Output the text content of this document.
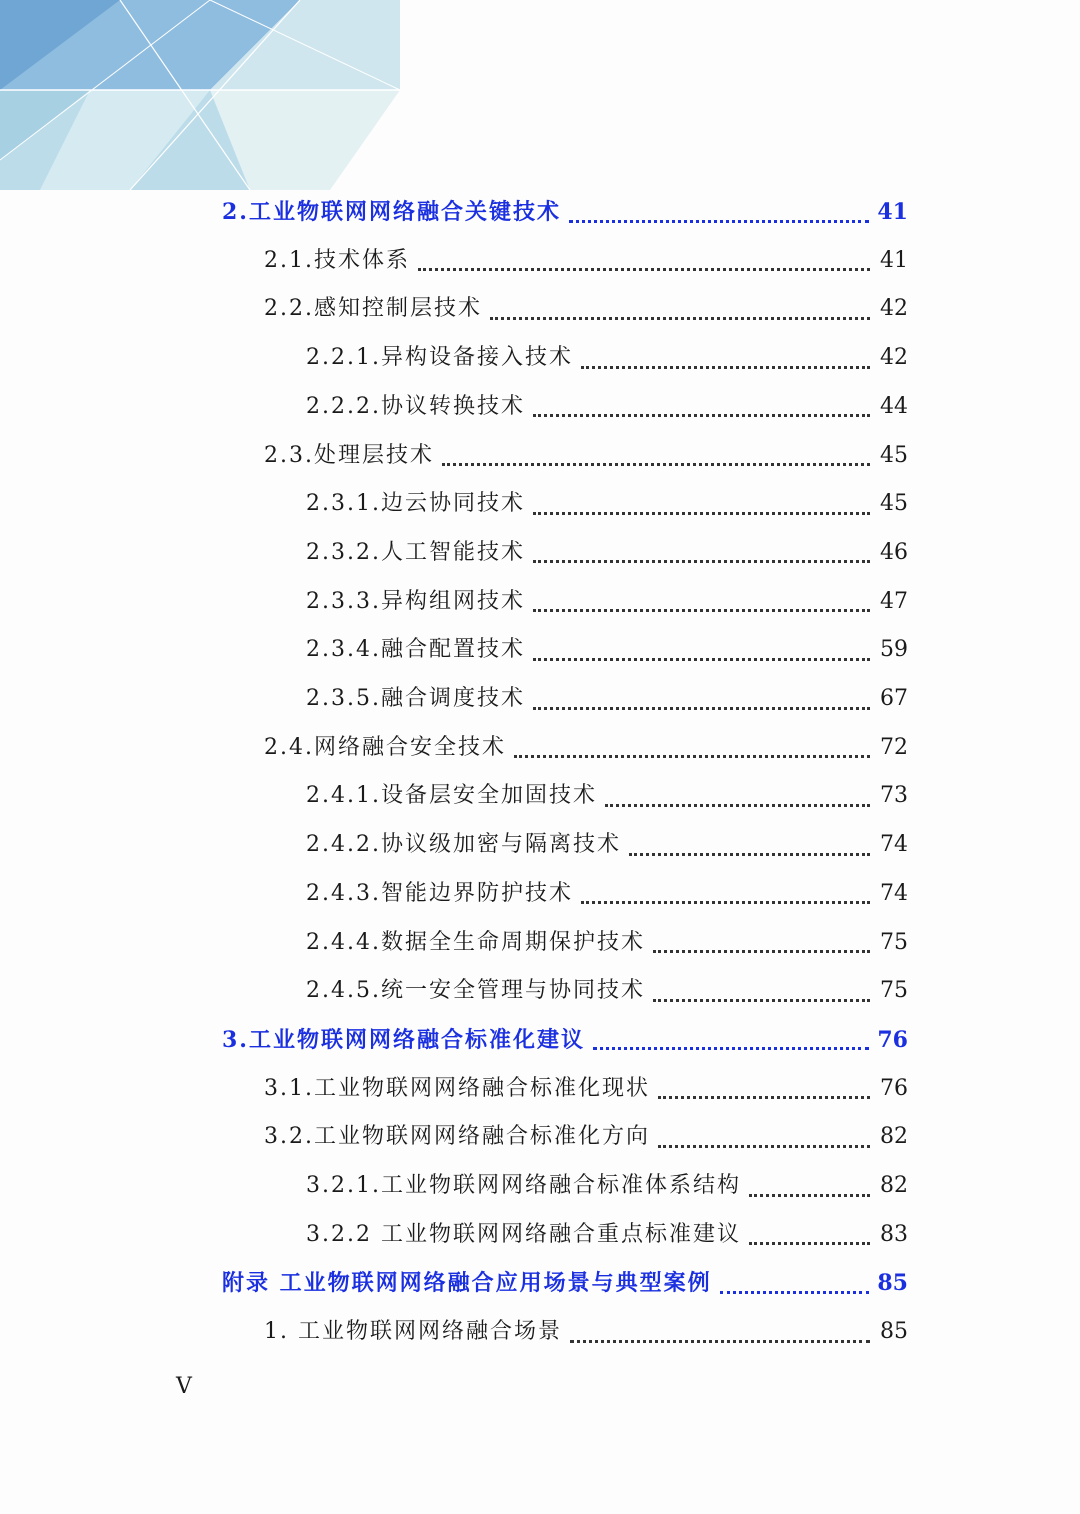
2.工业物联网网络融合关键技术	41
2.1.技术体系	41
2.2.感知控制层技术	42
2.2.1.异构设备接入技术	42
2.2.2.协议转换技术	44
2.3.处理层技术	45
2.3.1.边云协同技术	45
2.3.2.人工智能技术	46
2.3.3.异构组网技术	47
2.3.4.融合配置技术	59
2.3.5.融合调度技术	67
2.4.网络融合安全技术	72
2.4.1.设备层安全加固技术	73
2.4.2.协议级加密与隔离技术	74
2.4.3.智能边界防护技术	74
2.4.4.数据全生命周期保护技术	75
2.4.5.统一安全管理与协同技术	75
3.工业物联网网络融合标准化建议	76
3.1.工业物联网网络融合标准化现状	76
3.2.工业物联网网络融合标准化方向	82
3.2.1.工业物联网网络融合标准体系结构	82
3.2.2 工业物联网网络融合重点标准建议	83
附录 工业物联网网络融合应用场景与典型案例	85
1. 工业物联网网络融合场景	85
V
